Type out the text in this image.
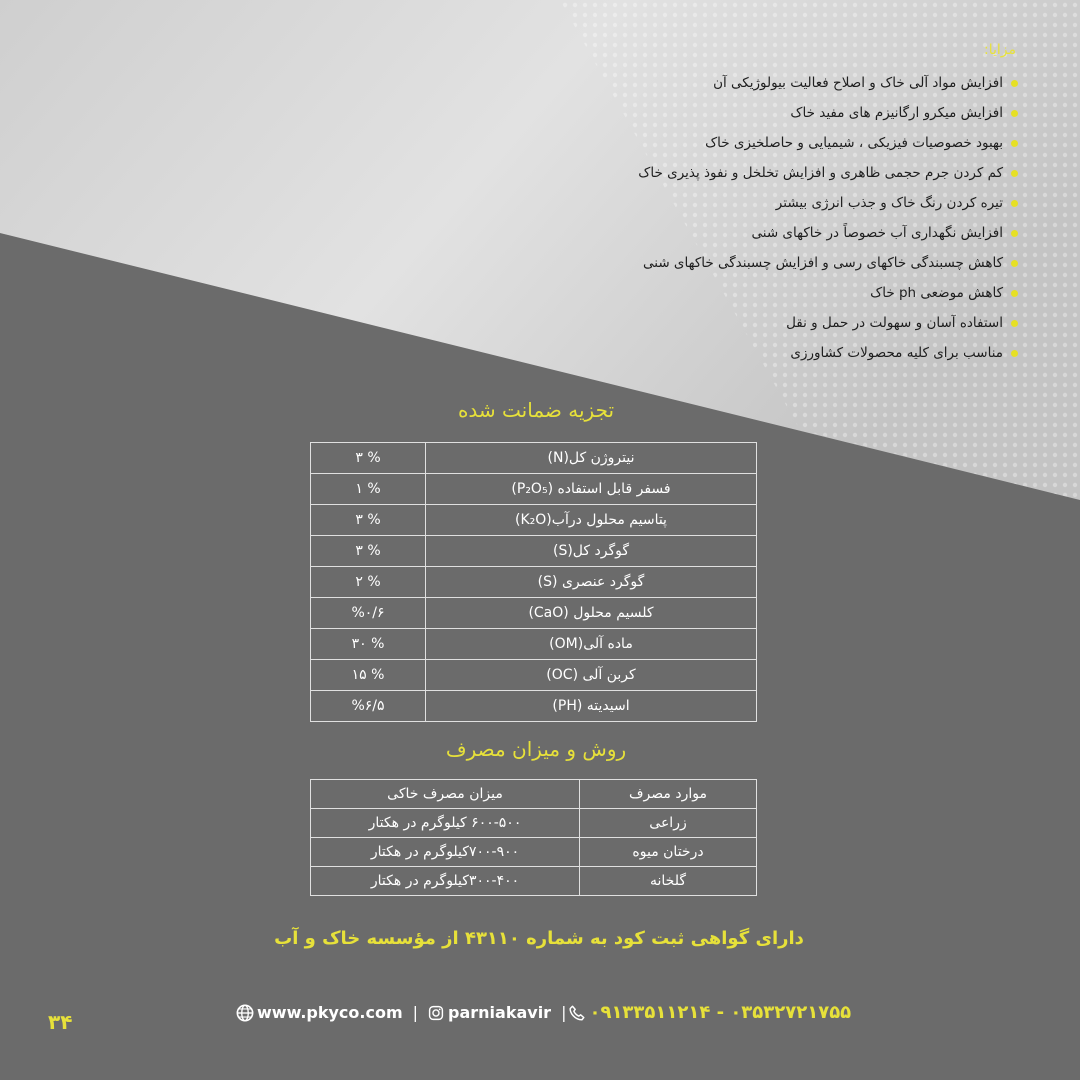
مزایا:
افزایش مواد آلی خاک و اصلاح فعالیت بیولوژیکی آن
افزایش میکرو ارگانیزم های مفید خاک
بهبود خصوصیات فیزیکی ، شیمیایی و حاصلخیزی خاک
کم کردن جرم حجمی ظاهری و افزایش تخلخل و نفوذ پذیری خاک
تیره کردن رنگ خاک و جذب انرژی بیشتر
افزایش نگهداری آب خصوصاً در خاکهای شنی
کاهش چسبندگی خاکهای رسی و افزایش چسبندگی خاکهای شنی
کاهش موضعی ph خاک
استفاده آسان و سهولت در حمل و نقل
مناسب برای کلیه محصولات کشاورزی
تجزیه ضمانت شده
نیتروژن کل(N)	% ۳
فسفر قابل استفاده (P₂O₅)	% ۱
پتاسیم محلول درآب(K₂O)	% ۳
گوگرد کل(S)	% ۳
گوگرد عنصری (S)	% ۲
کلسیم محلول (CaO)	%۰/۶
ماده آلی(OM)	% ۳۰
کربن آلی (OC)	% ۱۵
اسیدیته (PH)	%۶/۵
روش و میزان مصرف
موارد مصرف	میزان مصرف خاکی
زراعی	۶۰۰-۵۰۰ کیلوگرم در هکتار
درختان میوه	۷۰۰-۹۰۰کیلوگرم در هکتار
گلخانه	۳۰۰-۴۰۰کیلوگرم در هکتار
دارای گواهی ثبت کود به شماره ۴۳۱۱۰ از مؤسسه خاک و آب
www.pkyco.com | parniakavir | ۰۹۱۳۳۵۱۱۲۱۴ - ۰۳۵۳۲۷۲۱۷۵۵
۳۴
